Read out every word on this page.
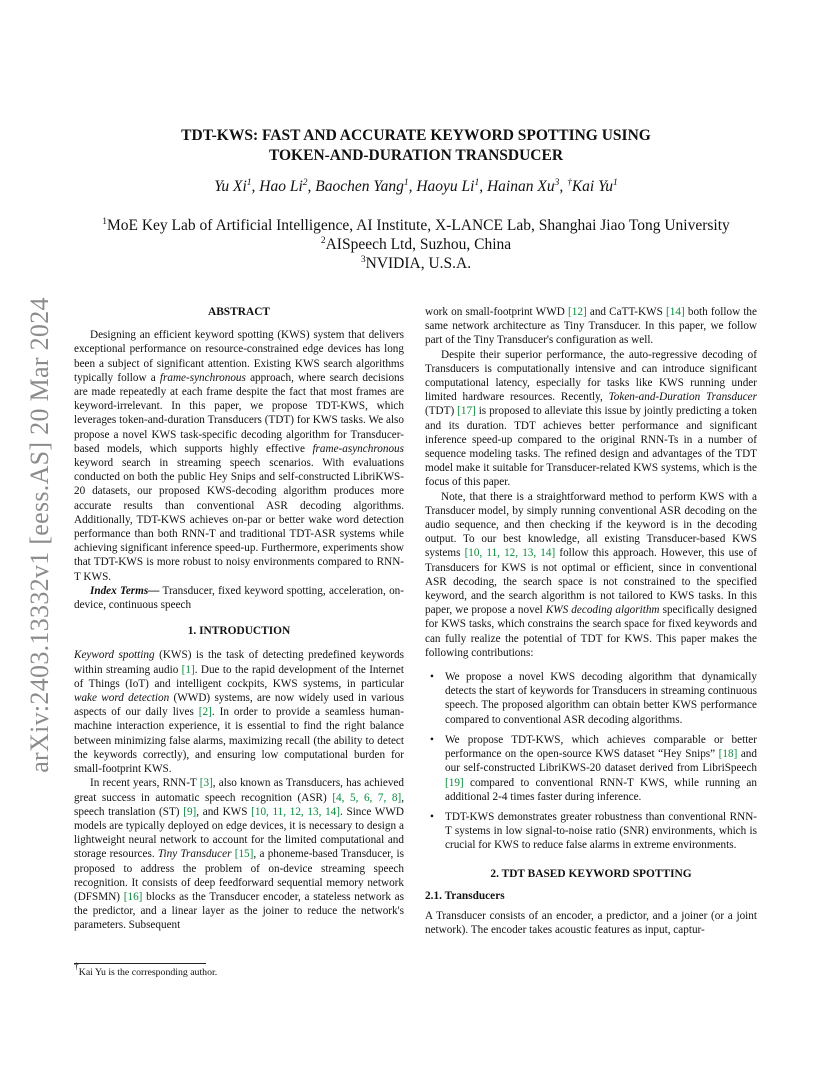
arXiv:2403.13332v1 [eess.AS] 20 Mar 2024
TDT-KWS: FAST AND ACCURATE KEYWORD SPOTTING USING
TOKEN-AND-DURATION TRANSDUCER
Yu Xi$^1$, Hao Li$^2$, Baochen Yang$^1$, Haoyu Li$^1$, Hainan Xu$^3$, †Kai Yu$^1$
$^1$MoE Key Lab of Artificial Intelligence, AI Institute, X-LANCE Lab, Shanghai Jiao Tong University
$^2$AISpeech Ltd, Suzhou, China
$^3$NVIDIA, U.S.A.
ABSTRACT

Designing an efficient keyword spotting (KWS) system that delivers exceptional performance on resource-constrained edge devices has long been a subject of significant attention. Existing KWS search algorithms typically follow a frame-synchronous approach, where search decisions are made repeatedly at each frame despite the fact that most frames are keyword-irrelevant. In this paper, we propose TDT-KWS, which leverages token-and-duration Transducers (TDT) for KWS tasks. We also propose a novel KWS task-specific decoding algorithm for Transducer-based models, which supports highly effective frame-asynchronous keyword search in streaming speech scenarios. With evaluations conducted on both the public Hey Snips and self-constructed LibriKWS-20 datasets, our proposed KWS-decoding algorithm produces more accurate results than conventional ASR decoding algorithms. Additionally, TDT-KWS achieves on-par or better wake word detection performance than both RNN-T and traditional TDT-ASR systems while achieving significant inference speed-up. Furthermore, experiments show that TDT-KWS is more robust to noisy environments compared to RNN-T KWS.

Index Terms— Transducer, fixed keyword spotting, acceleration, on-device, continuous speech

1. INTRODUCTION

Keyword spotting (KWS) is the task of detecting predefined keywords within streaming audio [ 1 ] . Due to the rapid development of the Internet of Things (IoT) and intelligent cockpits, KWS systems, in particular wake word detection (WWD) systems, are now widely used in various aspects of our daily lives [ 2 ] . In order to provide a seamless human-machine interaction experience, it is essential to find the right balance between minimizing false alarms, maximizing recall (the ability to detect the keywords correctly), and ensuring low computational burden for small-footprint KWS.

In recent years, RNN-T [ 3 ] , also known as Transducers, has achieved great success in automatic speech recognition (ASR) [ 4, 5, 6, 7, 8 ] , speech translation (ST) [ 9 ] , and KWS [ 10, 11, 12, 13, 14 ] . Since WWD models are typically deployed on edge devices, it is necessary to design a lightweight neural network to account for the limited computational and storage resources. Tiny Transducer [ 15 ] , a phoneme-based Transducer, is proposed to address the problem of on-device streaming speech recognition. It consists of deep feedforward sequential memory network (DFSMN) [ 16 ] blocks as the Transducer encoder, a stateless network as the predictor, and a linear layer as the joiner to reduce the network's parameters. Subsequent

work on small-footprint WWD [ 12 ] and CaTT-KWS [ 14 ] both follow the same network architecture as Tiny Transducer. In this paper, we follow part of the Tiny Transducer's configuration as well.

Despite their superior performance, the auto-regressive decoding of Transducers is computationally intensive and can introduce significant computational latency, especially for tasks like KWS running under limited hardware resources. Recently, Token-and-Duration Transducer (TDT) [ 17 ] is proposed to alleviate this issue by jointly predicting a token and its duration. TDT achieves better performance and significant inference speed-up compared to the original RNN-Ts in a number of sequence modeling tasks. The refined design and advantages of the TDT model make it suitable for Transducer-related KWS systems, which is the focus of this paper.

Note, that there is a straightforward method to perform KWS with a Transducer model, by simply running conventional ASR decoding on the audio sequence, and then checking if the keyword is in the decoding output. To our best knowledge, all existing Transducer-based KWS systems [ 10, 11, 12, 13, 14 ] follow this approach. However, this use of Transducers for KWS is not optimal or efficient, since in conventional ASR decoding, the search space is not constrained to the specified keyword, and the search algorithm is not tailored to KWS tasks. In this paper, we propose a novel KWS decoding algorithm specifically designed for KWS tasks, which constrains the search space for fixed keywords and can fully realize the potential of TDT for KWS. This paper makes the following contributions:

• We propose a novel KWS decoding algorithm that dynamically detects the start of keywords for Transducers in streaming continuous speech. The proposed algorithm can obtain better KWS performance compared to conventional ASR decoding algorithms.
• We propose TDT-KWS, which achieves comparable or better performance on the open-source KWS dataset “Hey Snips” [ 18 ] and our self-constructed LibriKWS-20 dataset derived from LibriSpeech [ 19 ] compared to conventional RNN-T KWS, while running an additional 2-4 times faster during inference.
• TDT-KWS demonstrates greater robustness than conventional RNN-T systems in low signal-to-noise ratio (SNR) environments, which is crucial for KWS to reduce false alarms in extreme environments.
2. TDT BASED KEYWORD SPOTTING
2.1. Transducers

A Transducer consists of an encoder, a predictor, and a joiner (or a joint network). The encoder takes acoustic features as input, captur-

†Kai Yu is the corresponding author.
